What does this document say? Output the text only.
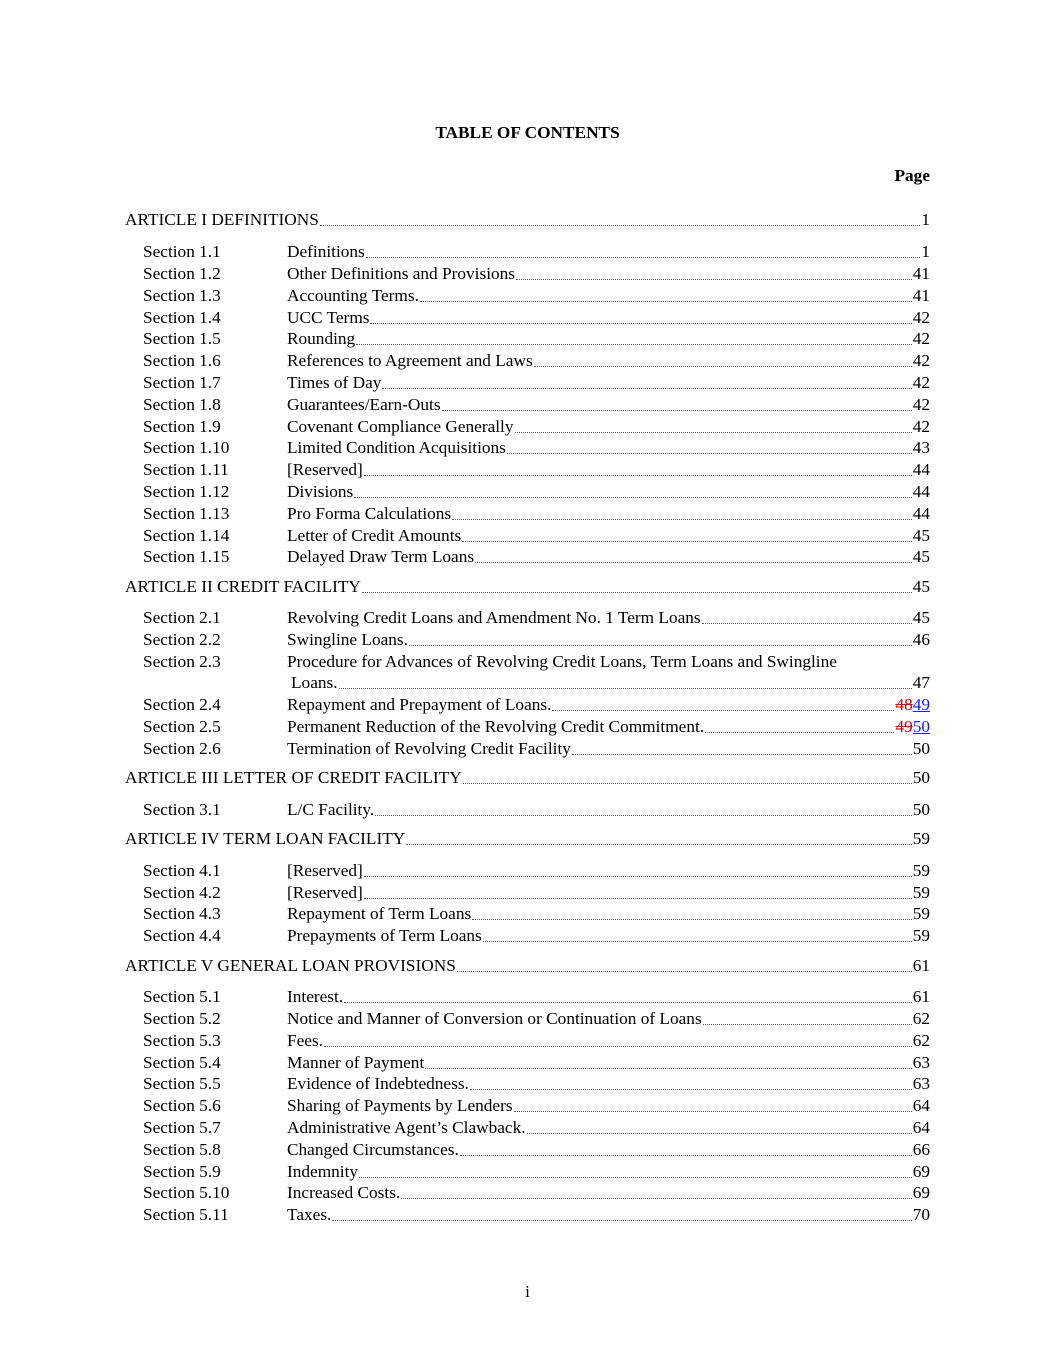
TABLE OF CONTENTS
Page
ARTICLE I DEFINITIONS	1
Section 1.1	Definitions	1
Section 1.2	Other Definitions and Provisions	41
Section 1.3	Accounting Terms.	41
Section 1.4	UCC Terms	42
Section 1.5	Rounding	42
Section 1.6	References to Agreement and Laws	42
Section 1.7	Times of Day	42
Section 1.8	Guarantees/Earn-Outs	42
Section 1.9	Covenant Compliance Generally	42
Section 1.10	Limited Condition Acquisitions	43
Section 1.11	[Reserved]	44
Section 1.12	Divisions	44
Section 1.13	Pro Forma Calculations	44
Section 1.14	Letter of Credit Amounts	45
Section 1.15	Delayed Draw Term Loans	45
ARTICLE II CREDIT FACILITY	45
Section 2.1	Revolving Credit Loans and Amendment No. 1 Term Loans	45
Section 2.2	Swingline Loans.	46
Section 2.3	Procedure for Advances of Revolving Credit Loans, Term Loans and Swingline
Loans.	47
Section 2.4	Repayment and Prepayment of Loans.	4849
Section 2.5	Permanent Reduction of the Revolving Credit Commitment.	4950
Section 2.6	Termination of Revolving Credit Facility	50
ARTICLE III LETTER OF CREDIT FACILITY	50
Section 3.1	L/C Facility.	50
ARTICLE IV TERM LOAN FACILITY	59
Section 4.1	[Reserved]	59
Section 4.2	[Reserved]	59
Section 4.3	Repayment of Term Loans	59
Section 4.4	Prepayments of Term Loans	59
ARTICLE V GENERAL LOAN PROVISIONS	61
Section 5.1	Interest.	61
Section 5.2	Notice and Manner of Conversion or Continuation of Loans	62
Section 5.3	Fees.	62
Section 5.4	Manner of Payment	63
Section 5.5	Evidence of Indebtedness.	63
Section 5.6	Sharing of Payments by Lenders	64
Section 5.7	Administrative Agent’s Clawback.	64
Section 5.8	Changed Circumstances.	66
Section 5.9	Indemnity	69
Section 5.10	Increased Costs.	69
Section 5.11	Taxes.	70
i
